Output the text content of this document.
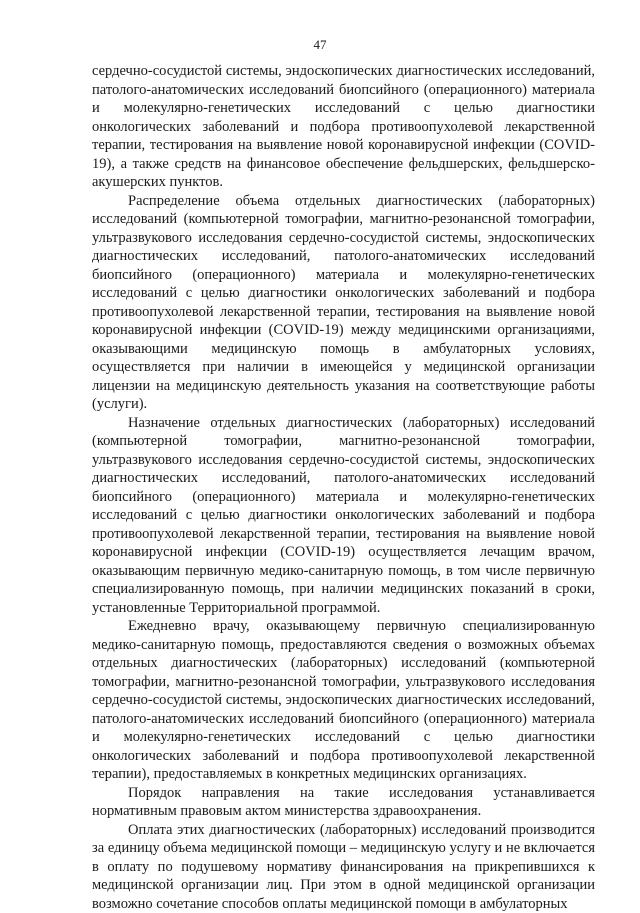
47

сердечно-сосудистой системы, эндоскопических диагностических исследований, патолого-анатомических исследований биопсийного (операционного) материала и молекулярно-генетических исследований с целью диагностики онкологических заболеваний и подбора противоопухолевой лекарственной терапии, тестирования на выявление новой коронавирусной инфекции (COVID-19), а также средств на финансовое обеспечение фельдшерских, фельдшерско-акушерских пунктов.

Распределение объема отдельных диагностических (лабораторных) исследований (компьютерной томографии, магнитно-резонансной томографии, ультразвукового исследования сердечно-сосудистой системы, эндоскопических диагностических исследований, патолого-анатомических исследований биопсийного (операционного) материала и молекулярно-генетических исследований с целью диагностики онкологических заболеваний и подбора противоопухолевой лекарственной терапии, тестирования на выявление новой коронавирусной инфекции (COVID-19) между медицинскими организациями, оказывающими медицинскую помощь в амбулаторных условиях, осуществляется при наличии в имеющейся у медицинской организации лицензии на медицинскую деятельность указания на соответствующие работы (услуги).

Назначение отдельных диагностических (лабораторных) исследований (компьютерной томографии, магнитно-резонансной томографии, ультразвукового исследования сердечно-сосудистой системы, эндоскопических диагностических исследований, патолого-анатомических исследований биопсийного (операционного) материала и молекулярно-генетических исследований с целью диагностики онкологических заболеваний и подбора противоопухолевой лекарственной терапии, тестирования на выявление новой коронавирусной инфекции (COVID-19) осуществляется лечащим врачом, оказывающим первичную медико-санитарную помощь, в том числе первичную специализированную помощь, при наличии медицинских показаний в сроки, установленные Территориальной программой.

Ежедневно врачу, оказывающему первичную специализированную медико-санитарную помощь, предоставляются сведения о возможных объемах отдельных диагностических (лабораторных) исследований (компьютерной томографии, магнитно-резонансной томографии, ультразвукового исследования сердечно-сосудистой системы, эндоскопических диагностических исследований, патолого-анатомических исследований биопсийного (операционного) материала и молекулярно-генетических исследований с целью диагностики онкологических заболеваний и подбора противоопухолевой лекарственной терапии), предоставляемых в конкретных медицинских организациях.

Порядок направления на такие исследования устанавливается нормативным правовым актом министерства здравоохранения.

Оплата этих диагностических (лабораторных) исследований производится за единицу объема медицинской помощи – медицинскую услугу и не включается в оплату по подушевому нормативу финансирования на прикрепившихся к медицинской организации лиц. При этом в одной медицинской организации возможно сочетание способов оплаты медицинской помощи в амбулаторных
